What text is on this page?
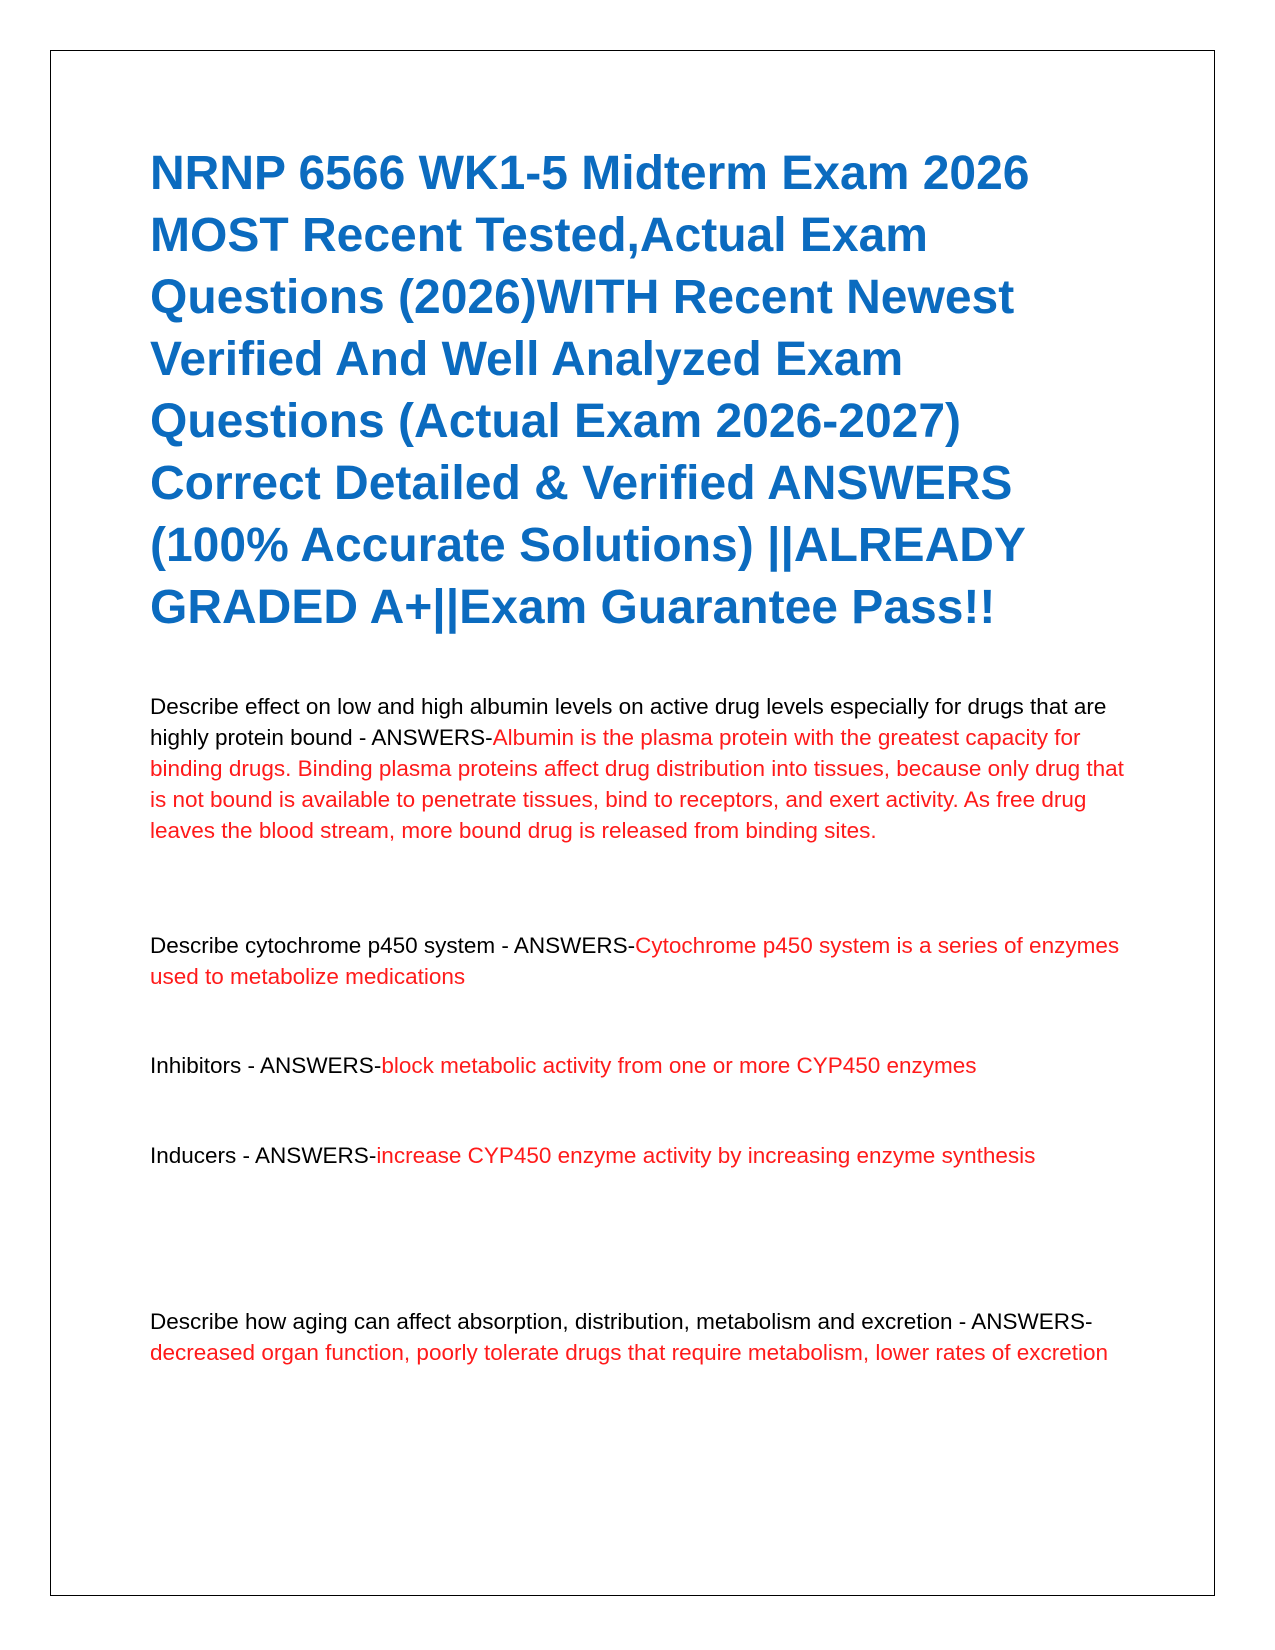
NRNP 6566 WK1-5 Midterm Exam 2026 MOST Recent Tested,Actual Exam Questions (2026)WITH Recent Newest Verified And Well Analyzed Exam Questions (Actual Exam 2026-2027) Correct Detailed & Verified ANSWERS (100% Accurate Solutions) ||ALREADY GRADED A+||Exam Guarantee Pass!!
Describe effect on low and high albumin levels on active drug levels especially for drugs that are highly protein bound - ANSWERS-Albumin is the plasma protein with the greatest capacity for binding drugs. Binding plasma proteins affect drug distribution into tissues, because only drug that is not bound is available to penetrate tissues, bind to receptors, and exert activity. As free drug leaves the blood stream, more bound drug is released from binding sites.
Describe cytochrome p450 system - ANSWERS-Cytochrome p450 system is a series of enzymes used to metabolize medications
Inhibitors - ANSWERS-block metabolic activity from one or more CYP450 enzymes
Inducers - ANSWERS-increase CYP450 enzyme activity by increasing enzyme synthesis
Describe how aging can affect absorption, distribution, metabolism and excretion - ANSWERS-decreased organ function, poorly tolerate drugs that require metabolism, lower rates of excretion
